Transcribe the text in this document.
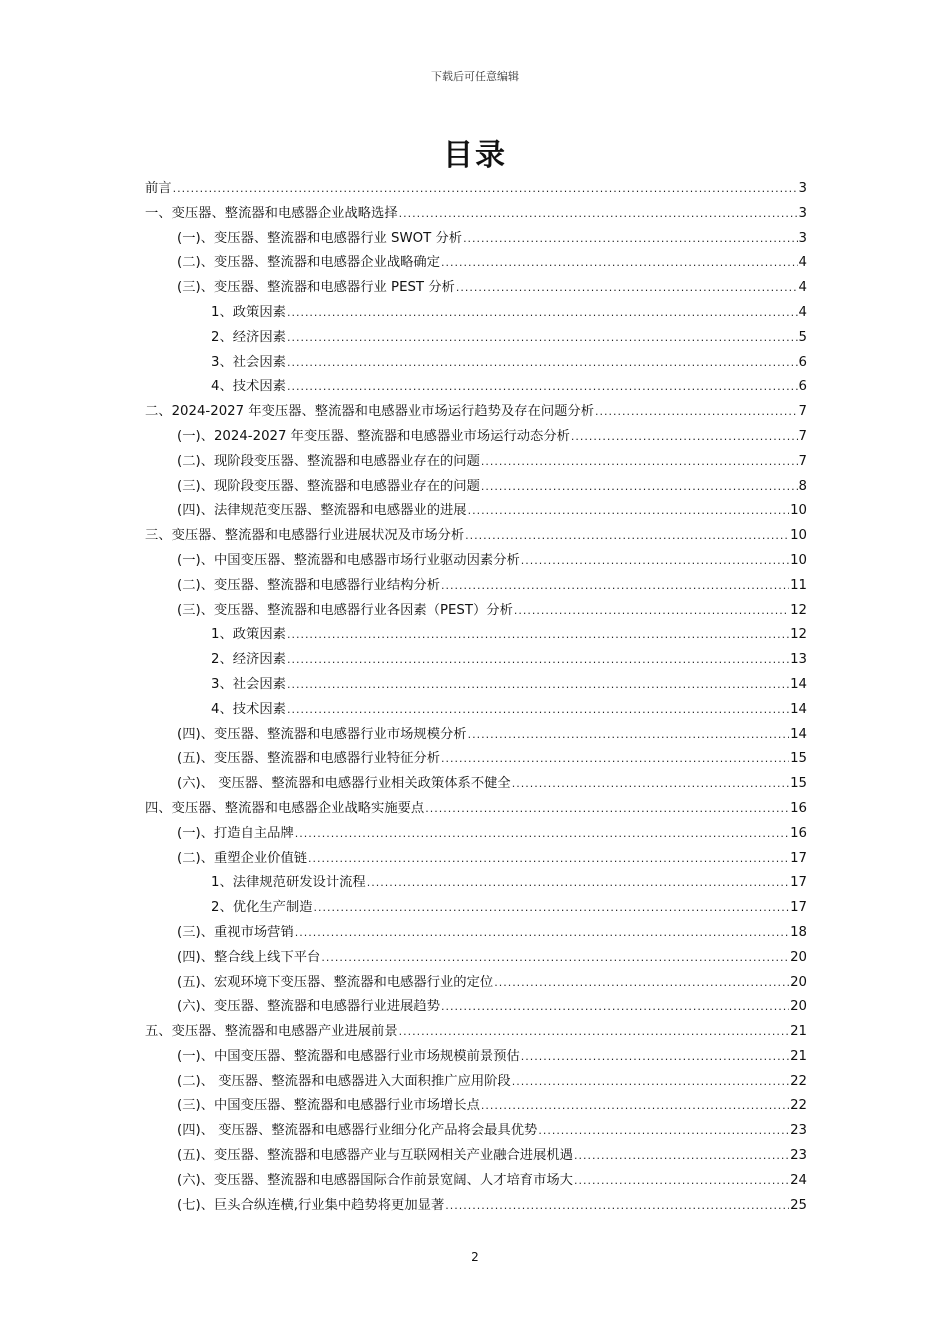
下载后可任意编辑
目录
前言 .....	3
一、变压器、整流器和电感器企业战略选择 .....	3
(一)、变压器、整流器和电感器行业 SWOT 分析 .....	3
(二)、变压器、整流器和电感器企业战略确定 .....	4
(三)、变压器、整流器和电感器行业 PEST 分析 .....	4
1、政策因素 .....	4
2、经济因素 .....	5
3、社会因素 .....	6
4、技术因素 .....	6
二、2024-2027 年变压器、整流器和电感器业市场运行趋势及存在问题分析 .....	7
(一)、2024-2027 年变压器、整流器和电感器业市场运行动态分析 .....	7
(二)、现阶段变压器、整流器和电感器业存在的问题 .....	7
(三)、现阶段变压器、整流器和电感器业存在的问题 .....	8
(四)、法律规范变压器、整流器和电感器业的进展 .....	10
三、变压器、整流器和电感器行业进展状况及市场分析 .....	10
(一)、中国变压器、整流器和电感器市场行业驱动因素分析 .....	10
(二)、变压器、整流器和电感器行业结构分析 .....	11
(三)、变压器、整流器和电感器行业各因素（PEST）分析 .....	12
1、政策因素 .....	12
2、经济因素 .....	13
3、社会因素 .....	14
4、技术因素 .....	14
(四)、变压器、整流器和电感器行业市场规模分析 .....	14
(五)、变压器、整流器和电感器行业特征分析 .....	15
(六)、 变压器、整流器和电感器行业相关政策体系不健全 .....	15
四、变压器、整流器和电感器企业战略实施要点 .....	16
(一)、打造自主品牌 .....	16
(二)、重塑企业价值链 .....	17
1、法律规范研发设计流程 .....	17
2、优化生产制造 .....	17
(三)、重视市场营销 .....	18
(四)、整合线上线下平台 .....	20
(五)、宏观环境下变压器、整流器和电感器行业的定位 .....	20
(六)、变压器、整流器和电感器行业进展趋势 .....	20
五、变压器、整流器和电感器产业进展前景 .....	21
(一)、中国变压器、整流器和电感器行业市场规模前景预估 .....	21
(二)、 变压器、整流器和电感器进入大面积推广应用阶段 .....	22
(三)、中国变压器、整流器和电感器行业市场增长点 .....	22
(四)、 变压器、整流器和电感器行业细分化产品将会最具优势 .....	23
(五)、变压器、整流器和电感器产业与互联网相关产业融合进展机遇 .....	23
(六)、变压器、整流器和电感器国际合作前景宽阔、人才培育市场大 .....	24
(七)、巨头合纵连横,行业集中趋势将更加显著 .....	25
2
